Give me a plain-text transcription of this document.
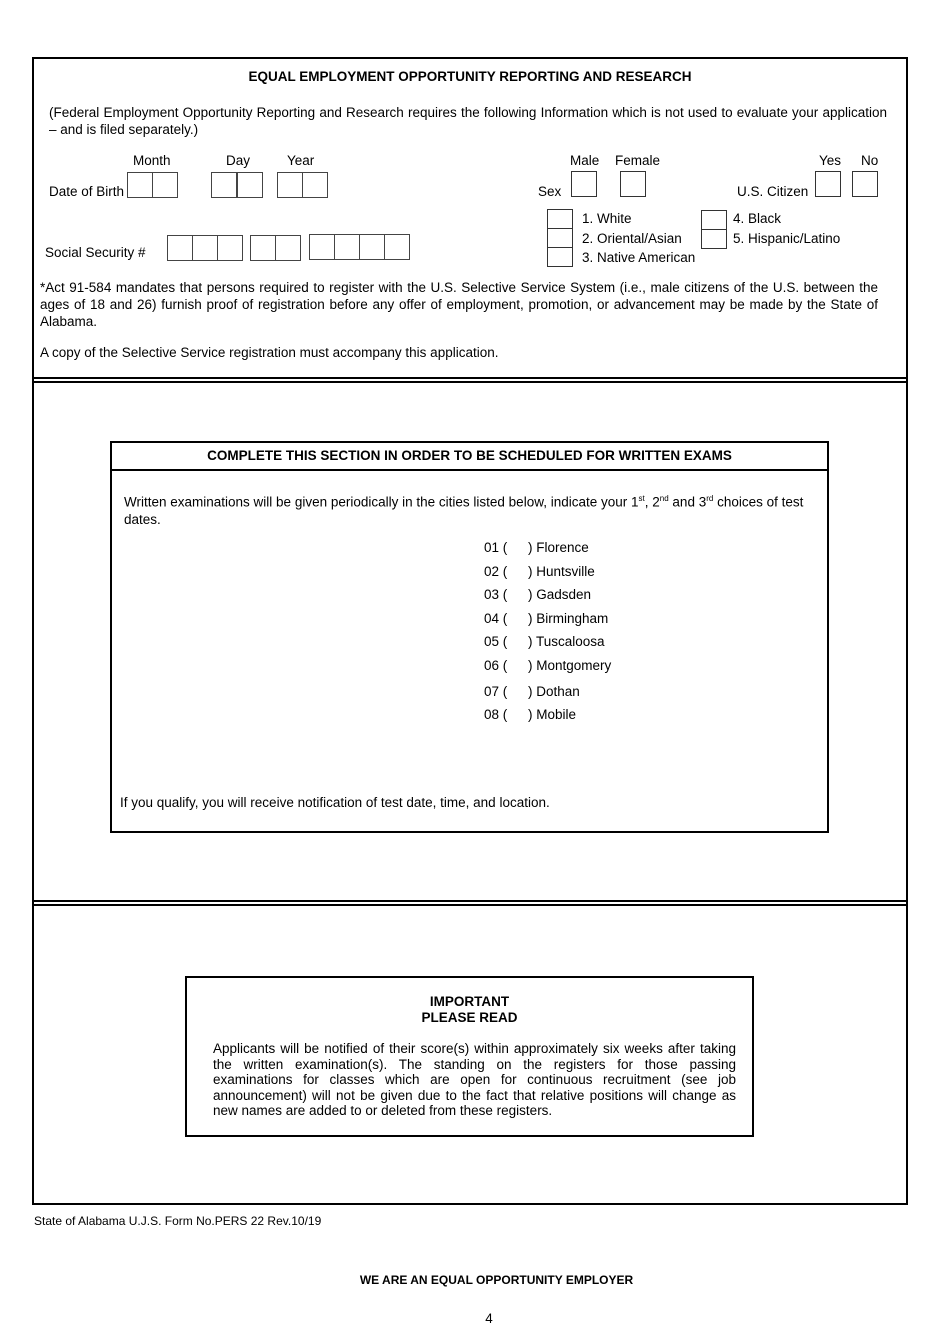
EQUAL EMPLOYMENT OPPORTUNITY REPORTING AND RESEARCH
(Federal Employment Opportunity Reporting and Research requires the following Information which is not used to evaluate your application – and is filed separately.)
Month	Day	Year
Date of Birth
Social Security #
Male Female
Sex
Yes No
U.S. Citizen
1. White
2. Oriental/Asian
3. Native American
4. Black
5. Hispanic/Latino
*Act 91-584 mandates that persons required to register with the U.S. Selective Service System (i.e., male citizens of the U.S. between the ages of 18 and 26) furnish proof of registration before any offer of employment, promotion, or advancement may be made by the State of Alabama.
A copy of the Selective Service registration must accompany this application.
COMPLETE THIS SECTION IN ORDER TO BE SCHEDULED FOR WRITTEN EXAMS
Written examinations will be given periodically in the cities listed below, indicate your 1st, 2nd and 3rd choices of test dates.
01 ( ) Florence
02 ( ) Huntsville
03 ( ) Gadsden
04 ( ) Birmingham
05 ( ) Tuscaloosa
06 ( ) Montgomery
07 ( ) Dothan
08 ( ) Mobile
If you qualify, you will receive notification of test date, time, and location.
IMPORTANT
PLEASE READ
Applicants will be notified of their score(s) within approximately six weeks after taking the written examination(s). The standing on the registers for those passing examinations for classes which are open for continuous recruitment (see job announcement) will not be given due to the fact that relative positions will change as new names are added to or deleted from these registers.
State of Alabama U.J.S. Form No.PERS 22 Rev.10/19
WE ARE AN EQUAL OPPORTUNITY EMPLOYER
4
